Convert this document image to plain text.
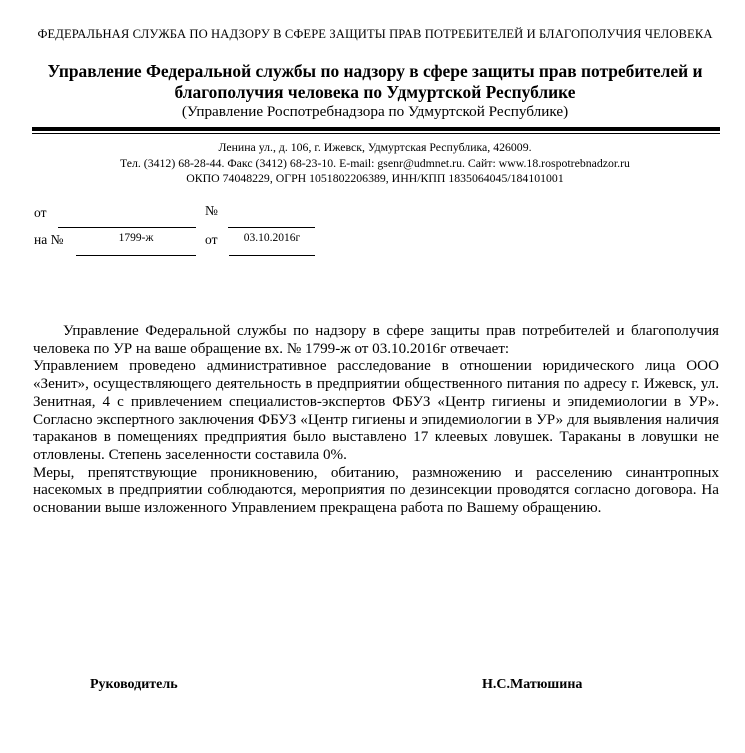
ФЕДЕРАЛЬНАЯ СЛУЖБА ПО НАДЗОРУ В СФЕРЕ ЗАЩИТЫ ПРАВ ПОТРЕБИТЕЛЕЙ И БЛАГОПОЛУЧИЯ ЧЕЛОВЕКА
Управление Федеральной службы по надзору в сфере защиты прав потребителей и благополучия человека по Удмуртской Республике
(Управление Роспотребнадзора по Удмуртской Республике)
Ленина ул., д. 106, г. Ижевск, Удмуртская Республика, 426009.
Тел. (3412) 68-28-44. Факс (3412) 68-23-10. E-mail: gsenr@udmnet.ru. Сайт: www.18.rospotrebnadzor.ru
ОКПО 74048229, ОГРН 1051802206389, ИНН/КПП 1835064045/184101001
от	№
на №	1799-ж	от	03.10.2016г

Управление Федеральной службы по надзору в сфере защиты прав потребителей и благополучия человека по УР на ваше обращение вх. № 1799-ж от 03.10.2016г отвечает:

Управлением проведено административное расследование в отношении юридического лица ООО «Зенит», осуществляющего деятельность в предприятии общественного питания по адресу г. Ижевск, ул. Зенитная, 4 с привлечением специалистов-экспертов ФБУЗ «Центр гигиены и эпидемиологии в УР». Согласно экспертного заключения ФБУЗ «Центр гигиены и эпидемиологии в УР» для выявления наличия тараканов в помещениях предприятия было выставлено 17 клеевых ловушек. Тараканы в ловушки не отловлены. Степень заселенности составила 0%.

Меры, препятствующие проникновению, обитанию, размножению и расселению синантропных насекомых в предприятии соблюдаются, мероприятия по дезинсекции проводятся согласно договора. На основании выше изложенного Управлением прекращена работа по Вашему обращению.

Руководитель	Н.С.Матюшина
